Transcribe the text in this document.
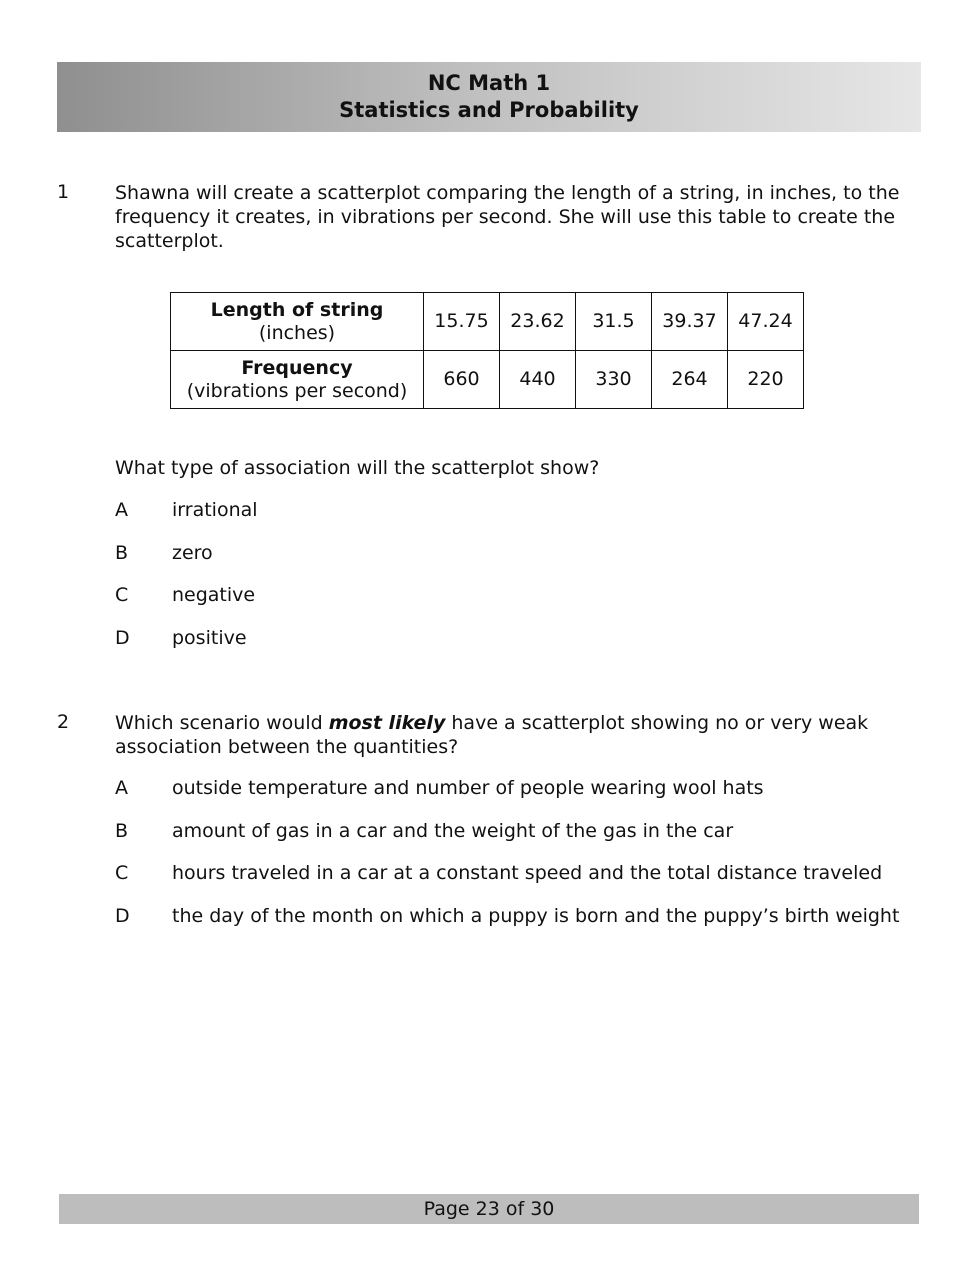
NC Math 1
Statistics and Probability
1 Shawna will create a scatterplot comparing the length of a string, in inches, to the frequency it creates, in vibrations per second. She will use this table to create the scatterplot.
Length of string
(inches)	15.75	23.62	31.5	39.37	47.24

Frequency
(vibrations per second)	660	440	330	264	220
What type of association will the scatterplot show?
A irrational
B zero
C negative
D positive
2 Which scenario would most likely have a scatterplot showing no or very weak association between the quantities?
A outside temperature and number of people wearing wool hats
B amount of gas in a car and the weight of the gas in the car
C hours traveled in a car at a constant speed and the total distance traveled
D the day of the month on which a puppy is born and the puppy’s birth weight
Page 23 of 30
